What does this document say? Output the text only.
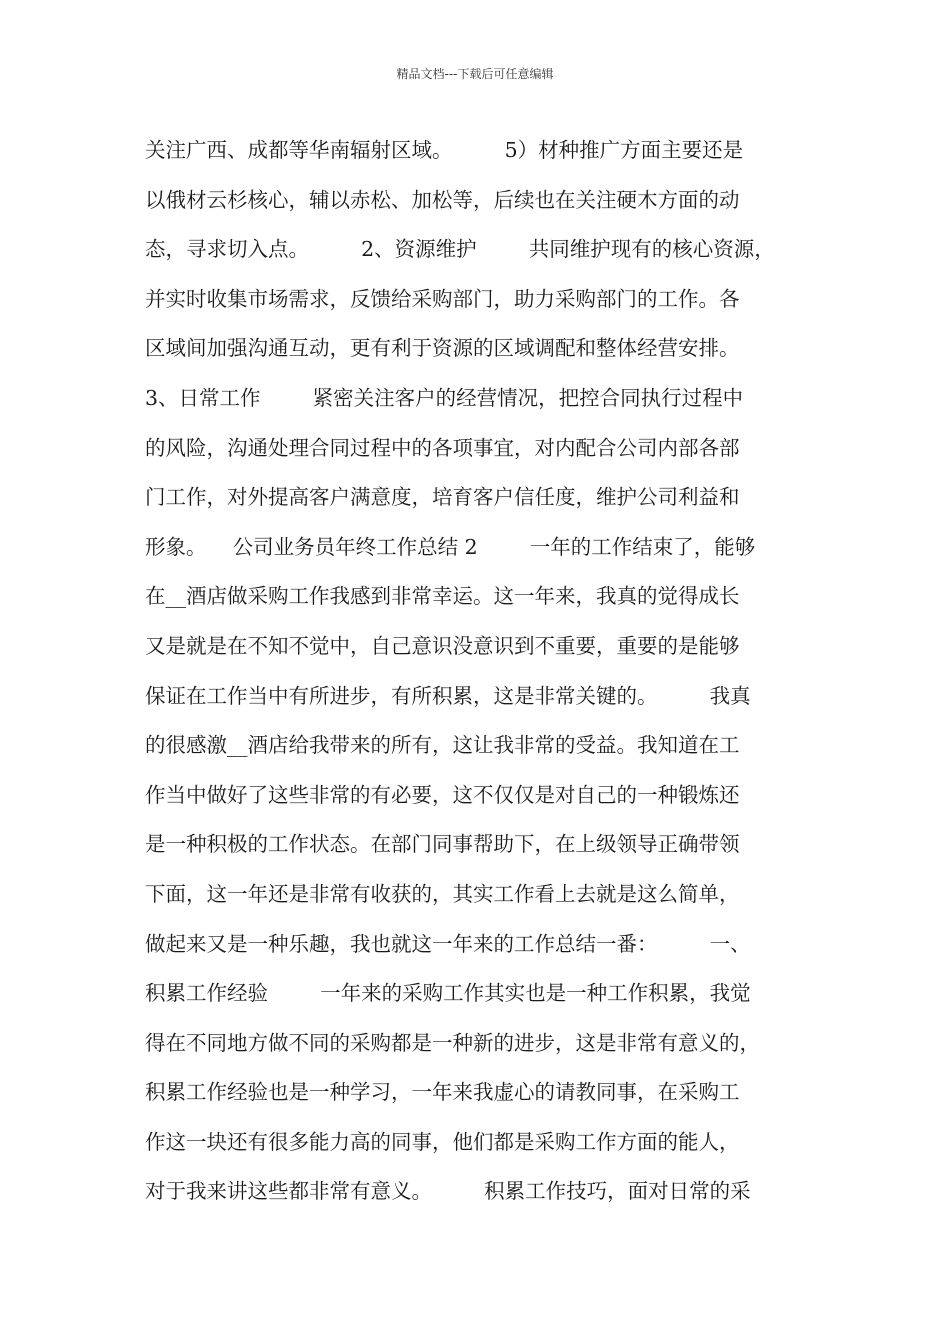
精品文档---下载后可任意编辑
关注广西、成都等华南辐射区域。        5）材种推广方面主要还是
以俄材云杉核心，辅以赤松、加松等，后续也在关注硬木方面的动
态，寻求切入点。        2、资源维护        共同维护现有的核心资源，
并实时收集市场需求，反馈给采购部门，助力采购部门的工作。各
区域间加强沟通互动，更有利于资源的区域调配和整体经营安排。
3、日常工作        紧密关注客户的经营情况，把控合同执行过程中
的风险，沟通处理合同过程中的各项事宜，对内配合公司内部各部
门工作，对外提高客户满意度，培育客户信任度，维护公司利益和
形象。    公司业务员年终工作总结 2        一年的工作结束了，能够
在__酒店做采购工作我感到非常幸运。这一年来，我真的觉得成长
又是就是在不知不觉中，自己意识没意识到不重要，重要的是能够
保证在工作当中有所进步，有所积累，这是非常关键的。        我真
的很感激__酒店给我带来的所有，这让我非常的受益。我知道在工
作当中做好了这些非常的有必要，这不仅仅是对自己的一种锻炼还
是一种积极的工作状态。在部门同事帮助下，在上级领导正确带领
下面，这一年还是非常有收获的，其实工作看上去就是这么简单，
做起来又是一种乐趣，我也就这一年来的工作总结一番：        一、
积累工作经验        一年来的采购工作其实也是一种工作积累，我觉
得在不同地方做不同的采购都是一种新的进步，这是非常有意义的，
积累工作经验也是一种学习，一年来我虚心的请教同事，在采购工
作这一块还有很多能力高的同事，他们都是采购工作方面的能人，
对于我来讲这些都非常有意义。        积累工作技巧，面对日常的采
